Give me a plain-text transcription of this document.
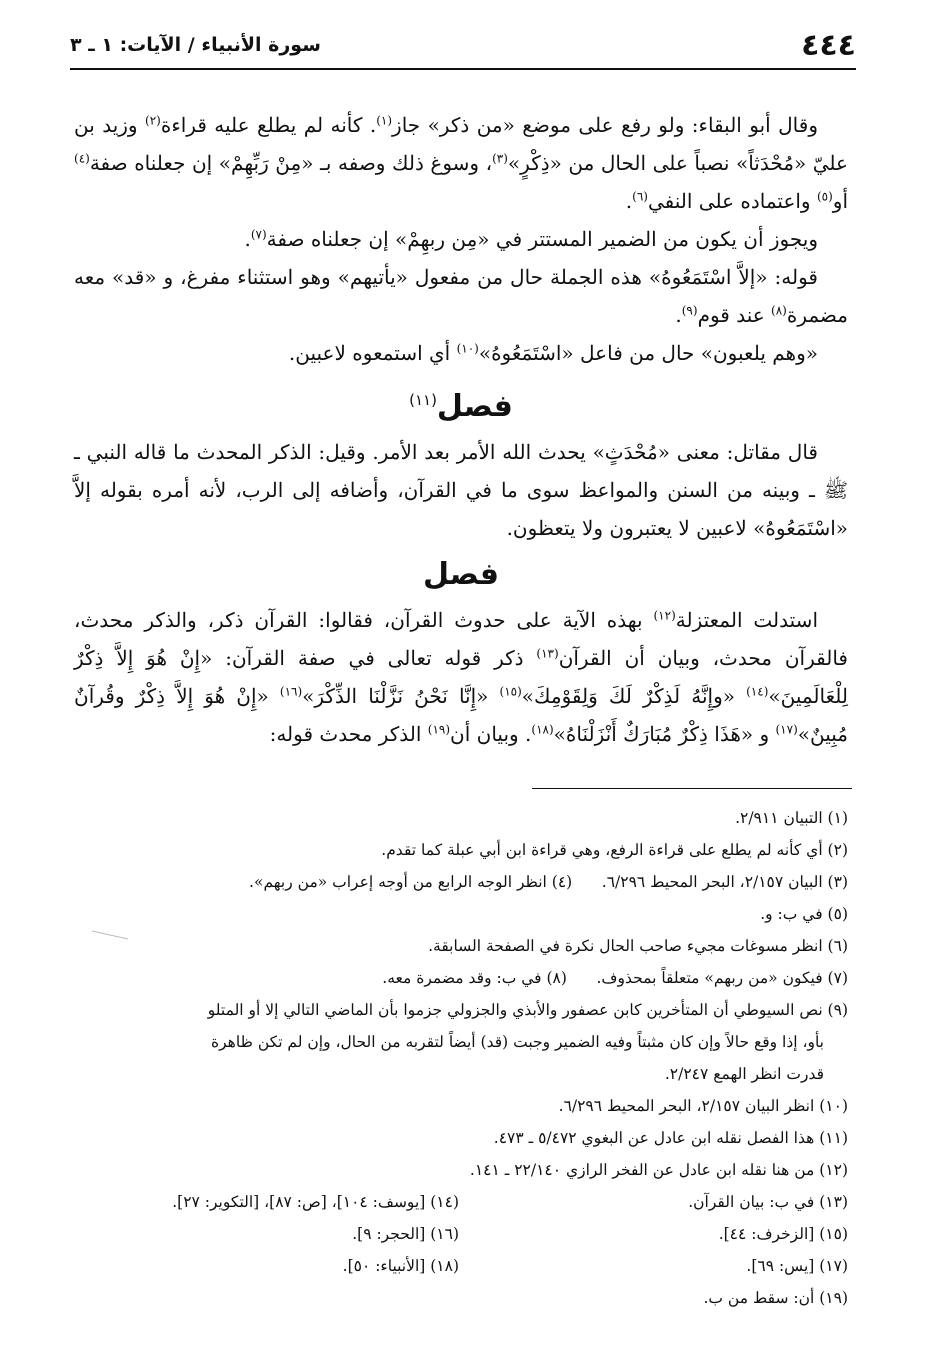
٤٤٤
سورة الأنبياء / الآيات: ١ ـ ٣

وقال أبو البقاء: ولو رفع على موضع «من ذكر» جاز$^{(١)}$. كأنه لم يطلع عليه قراءة$^{(٢)}$ وزيد بن عليّ «مُحْدَثاً» نصباً على الحال من «ذِكْرٍ»$^{(٣)}$، وسوغ ذلك وصفه بـ «مِنْ رَبِّهِمْ» إن جعلناه صفة$^{(٤)}$ أو$^{(٥)}$ واعتماده على النفي$^{(٦)}$.

ويجوز أن يكون من الضمير المستتر في «مِن ربهِمْ» إن جعلناه صفة$^{(٧)}$.

قوله: «إلاَّ اسْتَمَعُوهُ» هذه الجملة حال من مفعول «يأتيهم» وهو استثناء مفرغ، و «قد» معه مضمرة$^{(٨)}$ عند قوم$^{(٩)}$.

«وهم يلعبون» حال من فاعل «اسْتَمَعُوهُ»$^{(١٠)}$ أي استمعوه لاعبين.

فصل$^{(١١)}$

قال مقاتل: معنى «مُحْدَثٍ» يحدث الله الأمر بعد الأمر. وقيل: الذكر المحدث ما قاله النبي ـ ﷺ ـ وبينه من السنن والمواعظ سوى ما في القرآن، وأضافه إلى الرب، لأنه أمره بقوله إلاَّ «اسْتَمَعُوهُ» لاعبين لا يعتبرون ولا يتعظون.

فصل

استدلت المعتزلة$^{(١٢)}$ بهذه الآية على حدوث القرآن، فقالوا: القرآن ذكر، والذكر محدث، فالقرآن محدث، وبيان أن القرآن$^{(١٣)}$ ذكر قوله تعالى في صفة القرآن: «إِنْ هُوَ إِلاَّ ذِكْرٌ لِلْعَالَمِينَ»$^{(١٤)}$ «وإِنَّهُ لَذِكْرٌ لَكَ وَلِقَوْمِكَ»$^{(١٥)}$ «إِنَّا نَحْنُ نَزَّلْنَا الذِّكْرَ»$^{(١٦)}$ «إِنْ هُوَ إِلاَّ ذِكْرٌ وقُرآنٌ مُبِينٌ»$^{(١٧)}$ و «هَذَا ذِكْرٌ مُبَارَكٌ أَنْزَلْنَاهُ»$^{(١٨)}$. وبيان أن$^{(١٩)}$ الذكر محدث قوله:

(١) التبيان ٢/٩١١.

(٢) أي كأنه لم يطلع على قراءة الرفع، وهي قراءة ابن أبي عبلة كما تقدم.

(٣) البيان ٢/١٥٧، البحر المحيط ٦/٢٩٦.      (٤) انظر الوجه الرابع من أوجه إعراب «من ربهم».

(٥) في ب: و.

(٦) انظر مسوغات مجيء صاحب الحال نكرة في الصفحة السابقة.

(٧) فيكون «من ربهم» متعلقاً بمحذوف.      (٨) في ب: وقد مضمرة معه.

(٩) نص السيوطي أن المتأخرين كابن عصفور والأبذي والجزولي جزموا بأن الماضي التالي إلا أو المتلو

بأو، إذا وقع حالاً وإن كان مثبتاً وفيه الضمير وجبت (قد) أيضاً لتقربه من الحال، وإن لم تكن ظاهرة

قدرت انظر الهمع ٢/٢٤٧.

(١٠) انظر البيان ٢/١٥٧، البحر المحيط ٦/٢٩٦.

(١١) هذا الفصل نقله ابن عادل عن البغوي ٥/٤٧٢ ـ ٤٧٣.

(١٢) من هنا نقله ابن عادل عن الفخر الرازي ٢٢/١٤٠ ـ ١٤١.

(١٣) في ب: بيان القرآن.
(١٤) [يوسف: ١٠٤]، [ص: ٨٧]، [التكوير: ٢٧].
(١٥) [الزخرف: ٤٤].
(١٦) [الحجر: ٩].
(١٧) [يس: ٦٩].
(١٨) [الأنبياء: ٥٠].

(١٩) أن: سقط من ب.
